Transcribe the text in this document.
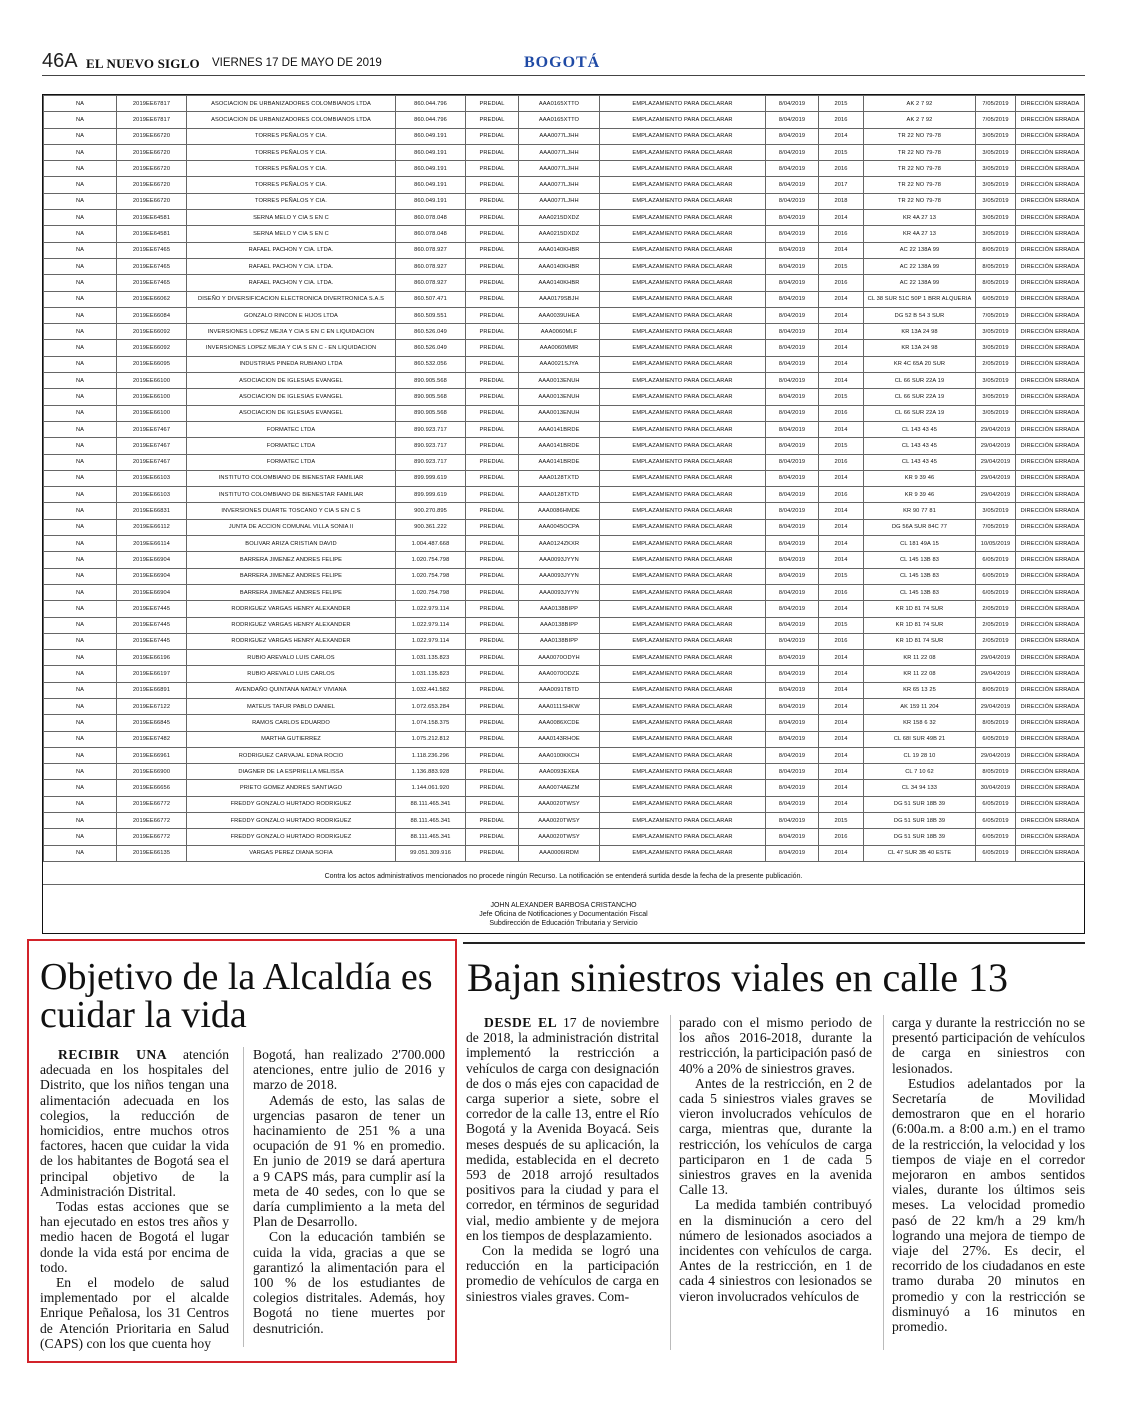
46A EL NUEVO SIGLO VIERNES 17 DE MAYO DE 2019	BOGOTÁ
NA	2019EE67817	ASOCIACION DE URBANIZADORES COLOMBIANOS LTDA	860.044.796	PREDIAL	AAA0165XTTO	EMPLAZAMIENTO PARA DECLARAR	8/04/2019	2015	AK 2 7 92	7/05/2019	DIRECCIÓN ERRADA
NA	2019EE67817	ASOCIACION DE URBANIZADORES COLOMBIANOS LTDA	860.044.796	PREDIAL	AAA0165XTTO	EMPLAZAMIENTO PARA DECLARAR	8/04/2019	2016	AK 2 7 92	7/05/2019	DIRECCIÓN ERRADA
NA	2019EE66720	TORRES PEÑALOS Y CIA.	860.049.191	PREDIAL	AAA0077LJHH	EMPLAZAMIENTO PARA DECLARAR	8/04/2019	2014	TR 22 NO 79-78	3/05/2019	DIRECCIÓN ERRADA
NA	2019EE66720	TORRES PEÑALOS Y CIA.	860.049.191	PREDIAL	AAA0077LJHH	EMPLAZAMIENTO PARA DECLARAR	8/04/2019	2015	TR 22 NO 79-78	3/05/2019	DIRECCIÓN ERRADA
NA	2019EE66720	TORRES PEÑALOS Y CIA.	860.049.191	PREDIAL	AAA0077LJHH	EMPLAZAMIENTO PARA DECLARAR	8/04/2019	2016	TR 22 NO 79-78	3/05/2019	DIRECCIÓN ERRADA
NA	2019EE66720	TORRES PEÑALOS Y CIA.	860.049.191	PREDIAL	AAA0077LJHH	EMPLAZAMIENTO PARA DECLARAR	8/04/2019	2017	TR 22 NO 79-78	3/05/2019	DIRECCIÓN ERRADA
NA	2019EE66720	TORRES PEÑALOS Y CIA.	860.049.191	PREDIAL	AAA0077LJHH	EMPLAZAMIENTO PARA DECLARAR	8/04/2019	2018	TR 22 NO 79-78	3/05/2019	DIRECCIÓN ERRADA
NA	2019EE64581	SERNA MELO Y CIA S EN C	860.078.048	PREDIAL	AAA0215DXDZ	EMPLAZAMIENTO PARA DECLARAR	8/04/2019	2014	KR 4A 27 13	3/05/2019	DIRECCIÓN ERRADA
NA	2019EE64581	SERNA MELO Y CIA S EN C	860.078.048	PREDIAL	AAA0215DXDZ	EMPLAZAMIENTO PARA DECLARAR	8/04/2019	2016	KR 4A 27 13	3/05/2019	DIRECCIÓN ERRADA
NA	2019EE67465	RAFAEL PACHON Y CIA. LTDA.	860.078.927	PREDIAL	AAA0140KHBR	EMPLAZAMIENTO PARA DECLARAR	8/04/2019	2014	AC 22 138A 99	8/05/2019	DIRECCIÓN ERRADA
NA	2019EE67465	RAFAEL PACHON Y CIA. LTDA.	860.078.927	PREDIAL	AAA0140KHBR	EMPLAZAMIENTO PARA DECLARAR	8/04/2019	2015	AC 22 138A 99	8/05/2019	DIRECCIÓN ERRADA
NA	2019EE67465	RAFAEL PACHON Y CIA. LTDA.	860.078.927	PREDIAL	AAA0140KHBR	EMPLAZAMIENTO PARA DECLARAR	8/04/2019	2016	AC 22 138A 99	8/05/2019	DIRECCIÓN ERRADA
NA	2019EE66062	DISEÑO Y DIVERSIFICACION ELECTRONICA DIVERTRONICA S.A.S	860.507.471	PREDIAL	AAA0179SBJH	EMPLAZAMIENTO PARA DECLARAR	8/04/2019	2014	CL 38 SUR 51C 50P 1 BRR ALQUERIA	6/05/2019	DIRECCIÓN ERRADA
NA	2019EE66084	GONZALO RINCON E HIJOS LTDA	860.509.551	PREDIAL	AAA0039UHEA	EMPLAZAMIENTO PARA DECLARAR	8/04/2019	2014	DG 52 B 54 3 SUR	7/05/2019	DIRECCIÓN ERRADA
NA	2019EE66092	INVERSIONES LOPEZ MEJIA Y CIA S EN C EN LIQUIDACION	860.526.049	PREDIAL	AAA0060MLF	EMPLAZAMIENTO PARA DECLARAR	8/04/2019	2014	KR 13A 24 98	3/05/2019	DIRECCIÓN ERRADA
NA	2019EE66092	INVERSIONES LOPEZ MEJIA Y CIA S EN C - EN LIQUIDACION	860.526.049	PREDIAL	AAA0060MMR	EMPLAZAMIENTO PARA DECLARAR	8/04/2019	2014	KR 13A 24 98	3/05/2019	DIRECCIÓN ERRADA
NA	2019EE66095	INDUSTRIAS PINEDA RUBIANO LTDA	860.532.056	PREDIAL	AAA0021SJYA	EMPLAZAMIENTO PARA DECLARAR	8/04/2019	2014	KR 4C 65A 20 SUR	2/05/2019	DIRECCIÓN ERRADA
NA	2019EE66100	ASOCIACION DE IGLESIAS EVANGEL	890.905.568	PREDIAL	AAA0013ENUH	EMPLAZAMIENTO PARA DECLARAR	8/04/2019	2014	CL 66 SUR 22A 19	3/05/2019	DIRECCIÓN ERRADA
NA	2019EE66100	ASOCIACION DE IGLESIAS EVANGEL	890.905.568	PREDIAL	AAA0013ENUH	EMPLAZAMIENTO PARA DECLARAR	8/04/2019	2015	CL 66 SUR 22A 19	3/05/2019	DIRECCIÓN ERRADA
NA	2019EE66100	ASOCIACION DE IGLESIAS EVANGEL	890.905.568	PREDIAL	AAA0013ENUH	EMPLAZAMIENTO PARA DECLARAR	8/04/2019	2016	CL 66 SUR 22A 19	3/05/2019	DIRECCIÓN ERRADA
NA	2019EE67467	FORMATEC LTDA	890.923.717	PREDIAL	AAA0141BRDE	EMPLAZAMIENTO PARA DECLARAR	8/04/2019	2014	CL 143 43 45	29/04/2019	DIRECCIÓN ERRADA
NA	2019EE67467	FORMATEC LTDA	890.923.717	PREDIAL	AAA0141BRDE	EMPLAZAMIENTO PARA DECLARAR	8/04/2019	2015	CL 143 43 45	29/04/2019	DIRECCIÓN ERRADA
NA	2019EE67467	FORMATEC LTDA	890.923.717	PREDIAL	AAA0141BRDE	EMPLAZAMIENTO PARA DECLARAR	8/04/2019	2016	CL 143 43 45	29/04/2019	DIRECCIÓN ERRADA
NA	2019EE66103	INSTITUTO COLOMBIANO DE BIENESTAR FAMILIAR	899.999.619	PREDIAL	AAA0128TXTD	EMPLAZAMIENTO PARA DECLARAR	8/04/2019	2014	KR 9 39 46	29/04/2019	DIRECCIÓN ERRADA
NA	2019EE66103	INSTITUTO COLOMBIANO DE BIENESTAR FAMILIAR	899.999.619	PREDIAL	AAA0128TXTD	EMPLAZAMIENTO PARA DECLARAR	8/04/2019	2016	KR 9 39 46	29/04/2019	DIRECCIÓN ERRADA
NA	2019EE66831	INVERSIONES DUARTE TOSCANO Y CIA S EN C S	900.270.895	PREDIAL	AAA0086HMDE	EMPLAZAMIENTO PARA DECLARAR	8/04/2019	2014	KR 90 77 81	3/05/2019	DIRECCIÓN ERRADA
NA	2019EE66112	JUNTA DE ACCION COMUNAL VILLA SONIA II	900.361.222	PREDIAL	AAA0045OCPA	EMPLAZAMIENTO PARA DECLARAR	8/04/2019	2014	DG 56A SUR 84C 77	7/05/2019	DIRECCIÓN ERRADA
NA	2019EE66114	BOLIVAR ARIZA CRISTIAN DAVID	1.004.487.668	PREDIAL	AAA0124ZKXR	EMPLAZAMIENTO PARA DECLARAR	8/04/2019	2014	CL 181 49A 15	10/05/2019	DIRECCIÓN ERRADA
NA	2019EE66904	BARRERA JIMENEZ ANDRES FELIPE	1.020.754.798	PREDIAL	AAA0093JYYN	EMPLAZAMIENTO PARA DECLARAR	8/04/2019	2014	CL 145 13B 83	6/05/2019	DIRECCIÓN ERRADA
NA	2019EE66904	BARRERA JIMENEZ ANDRES FELIPE	1.020.754.798	PREDIAL	AAA0093JYYN	EMPLAZAMIENTO PARA DECLARAR	8/04/2019	2015	CL 145 13B 83	6/05/2019	DIRECCIÓN ERRADA
NA	2019EE66904	BARRERA JIMENEZ ANDRES FELIPE	1.020.754.798	PREDIAL	AAA0093JYYN	EMPLAZAMIENTO PARA DECLARAR	8/04/2019	2016	CL 145 13B 83	6/05/2019	DIRECCIÓN ERRADA
NA	2019EE67445	RODRIGUEZ VARGAS HENRY ALEXANDER	1.022.979.114	PREDIAL	AAA0138BIPP	EMPLAZAMIENTO PARA DECLARAR	8/04/2019	2014	KR 1D 81 74 SUR	2/05/2019	DIRECCIÓN ERRADA
NA	2019EE67445	RODRIGUEZ VARGAS HENRY ALEXANDER	1.022.979.114	PREDIAL	AAA0138BIPP	EMPLAZAMIENTO PARA DECLARAR	8/04/2019	2015	KR 1D 81 74 SUR	2/05/2019	DIRECCIÓN ERRADA
NA	2019EE67445	RODRIGUEZ VARGAS HENRY ALEXANDER	1.022.979.114	PREDIAL	AAA0138BIPP	EMPLAZAMIENTO PARA DECLARAR	8/04/2019	2016	KR 1D 81 74 SUR	2/05/2019	DIRECCIÓN ERRADA
NA	2019EE66196	RUBIO AREVALO LUIS CARLOS	1.031.135.823	PREDIAL	AAA0070ODYH	EMPLAZAMIENTO PARA DECLARAR	8/04/2019	2014	KR 11 22 08	29/04/2019	DIRECCIÓN ERRADA
NA	2019EE66197	RUBIO AREVALO LUIS CARLOS	1.031.135.823	PREDIAL	AAA0070ODZE	EMPLAZAMIENTO PARA DECLARAR	8/04/2019	2014	KR 11 22 08	29/04/2019	DIRECCIÓN ERRADA
NA	2019EE66891	AVENDAÑO QUINTANA NATALY VIVIANA	1.032.441.582	PREDIAL	AAA0091TBTD	EMPLAZAMIENTO PARA DECLARAR	8/04/2019	2014	KR 65 13 25	8/05/2019	DIRECCIÓN ERRADA
NA	2019EE67122	MATEUS TAFUR PABLO DANIEL	1.072.653.284	PREDIAL	AAA0111SHKW	EMPLAZAMIENTO PARA DECLARAR	8/04/2019	2014	AK 159 11 204	29/04/2019	DIRECCIÓN ERRADA
NA	2019EE66845	RAMOS CARLOS EDUARDO	1.074.158.375	PREDIAL	AAA0086XCDE	EMPLAZAMIENTO PARA DECLARAR	8/04/2019	2014	KR 158 6 32	8/05/2019	DIRECCIÓN ERRADA
NA	2019EE67482	MARTHA GUTIERREZ	1.075.212.812	PREDIAL	AAA0143RHOE	EMPLAZAMIENTO PARA DECLARAR	8/04/2019	2014	CL 68I SUR 49B 21	6/05/2019	DIRECCIÓN ERRADA
NA	2019EE66961	RODRIGUEZ CARVAJAL EDNA ROCIO	1.118.236.296	PREDIAL	AAA0100KKCH	EMPLAZAMIENTO PARA DECLARAR	8/04/2019	2014	CL 19 28 10	29/04/2019	DIRECCIÓN ERRADA
NA	2019EE66900	DIAGNER DE LA ESPRIELLA MELISSA	1.136.883.928	PREDIAL	AAA0093EXEA	EMPLAZAMIENTO PARA DECLARAR	8/04/2019	2014	CL 7 10 62	8/05/2019	DIRECCIÓN ERRADA
NA	2019EE66656	PRIETO GOMEZ ANDRES SANTIAGO	1.144.061.920	PREDIAL	AAA0074AEZM	EMPLAZAMIENTO PARA DECLARAR	8/04/2019	2014	CL 34 94 133	30/04/2019	DIRECCIÓN ERRADA
NA	2019EE66772	FREDDY GONZALO HURTADO RODRIGUEZ	88.111.465.341	PREDIAL	AAA0020TWSY	EMPLAZAMIENTO PARA DECLARAR	8/04/2019	2014	DG 51 SUR 18B 39	6/05/2019	DIRECCIÓN ERRADA
NA	2019EE66772	FREDDY GONZALO HURTADO RODRIGUEZ	88.111.465.341	PREDIAL	AAA0020TWSY	EMPLAZAMIENTO PARA DECLARAR	8/04/2019	2015	DG 51 SUR 18B 39	6/05/2019	DIRECCIÓN ERRADA
NA	2019EE66772	FREDDY GONZALO HURTADO RODRIGUEZ	88.111.465.341	PREDIAL	AAA0020TWSY	EMPLAZAMIENTO PARA DECLARAR	8/04/2019	2016	DG 51 SUR 18B 39	6/05/2019	DIRECCIÓN ERRADA
NA	2019EE66135	VARGAS PEREZ DIANA SOFIA	99.051.309.916	PREDIAL	AAA0006IRDM	EMPLAZAMIENTO PARA DECLARAR	8/04/2019	2014	CL 47 SUR 3B 40 ESTE	6/05/2019	DIRECCIÓN ERRADA
Contra los actos administrativos mencionados no procede ningún Recurso. La notificación se entenderá surtida desde la fecha de la presente publicación.
JOHN ALEXANDER BARBOSA CRISTANCHO
Jefe Oficina de Notificaciones y Documentación Fiscal
Subdirección de Educación Tributaria y Servicio
Objetivo de la Alcaldía es cuidar la vida

RECIBIR UNA atención adecuada en los hospitales del Distrito, que los niños tengan una alimentación adecuada en los colegios, la reducción de homicidios, entre muchos otros factores, hacen que cuidar la vida de los habitantes de Bogotá sea el principal objetivo de la Administración Distrital.

Todas estas acciones que se han ejecutado en estos tres años y medio hacen de Bogotá el lugar donde la vida está por encima de todo.

En el modelo de salud implementado por el alcalde Enrique Peñalosa, los 31 Centros de Atención Prioritaria en Salud (CAPS) con los que cuenta hoy

Bogotá, han realizado 2'700.000 atenciones, entre julio de 2016 y marzo de 2018.

Además de esto, las salas de urgencias pasaron de tener un hacinamiento de 251 % a una ocupación de 91 % en promedio. En junio de 2019 se dará apertura a 9 CAPS más, para cumplir así la meta de 40 sedes, con lo que se daría cumplimiento a la meta del Plan de Desarrollo.

Con la educación también se cuida la vida, gracias a que se garantizó la alimentación para el 100 % de los estudiantes de colegios distritales. Además, hoy Bogotá no tiene muertes por desnutrición.

Bajan siniestros viales en calle 13

DESDE EL 17 de noviembre de 2018, la administración distrital implementó la restricción a vehículos de carga con designación de dos o más ejes con capacidad de carga superior a siete, sobre el corredor de la calle 13, entre el Río Bogotá y la Avenida Boyacá. Seis meses después de su aplicación, la medida, establecida en el decreto 593 de 2018 arrojó resultados positivos para la ciudad y para el corredor, en términos de seguridad vial, medio ambiente y de mejora en los tiempos de desplazamiento.

Con la medida se logró una reducción en la participación promedio de vehículos de carga en siniestros viales graves. Com-

parado con el mismo periodo de los años 2016-2018, durante la restricción, la participación pasó de 40% a 20% de siniestros graves.

Antes de la restricción, en 2 de cada 5 siniestros viales graves se vieron involucrados vehículos de carga, mientras que, durante la restricción, los vehículos de carga participaron en 1 de cada 5 siniestros graves en la avenida Calle 13.

La medida también contribuyó en la disminución a cero del número de lesionados asociados a incidentes con vehículos de carga. Antes de la restricción, en 1 de cada 4 siniestros con lesionados se vieron involucrados vehículos de

carga y durante la restricción no se presentó participación de vehículos de carga en siniestros con lesionados.

Estudios adelantados por la Secretaría de Movilidad demostraron que en el horario (6:00a.m. a 8:00 a.m.) en el tramo de la restricción, la velocidad y los tiempos de viaje en el corredor mejoraron en ambos sentidos viales, durante los últimos seis meses. La velocidad promedio pasó de 22 km/h a 29 km/h logrando una mejora de tiempo de viaje del 27%. Es decir, el recorrido de los ciudadanos en este tramo duraba 20 minutos en promedio y con la restricción se disminuyó a 16 minutos en promedio.
